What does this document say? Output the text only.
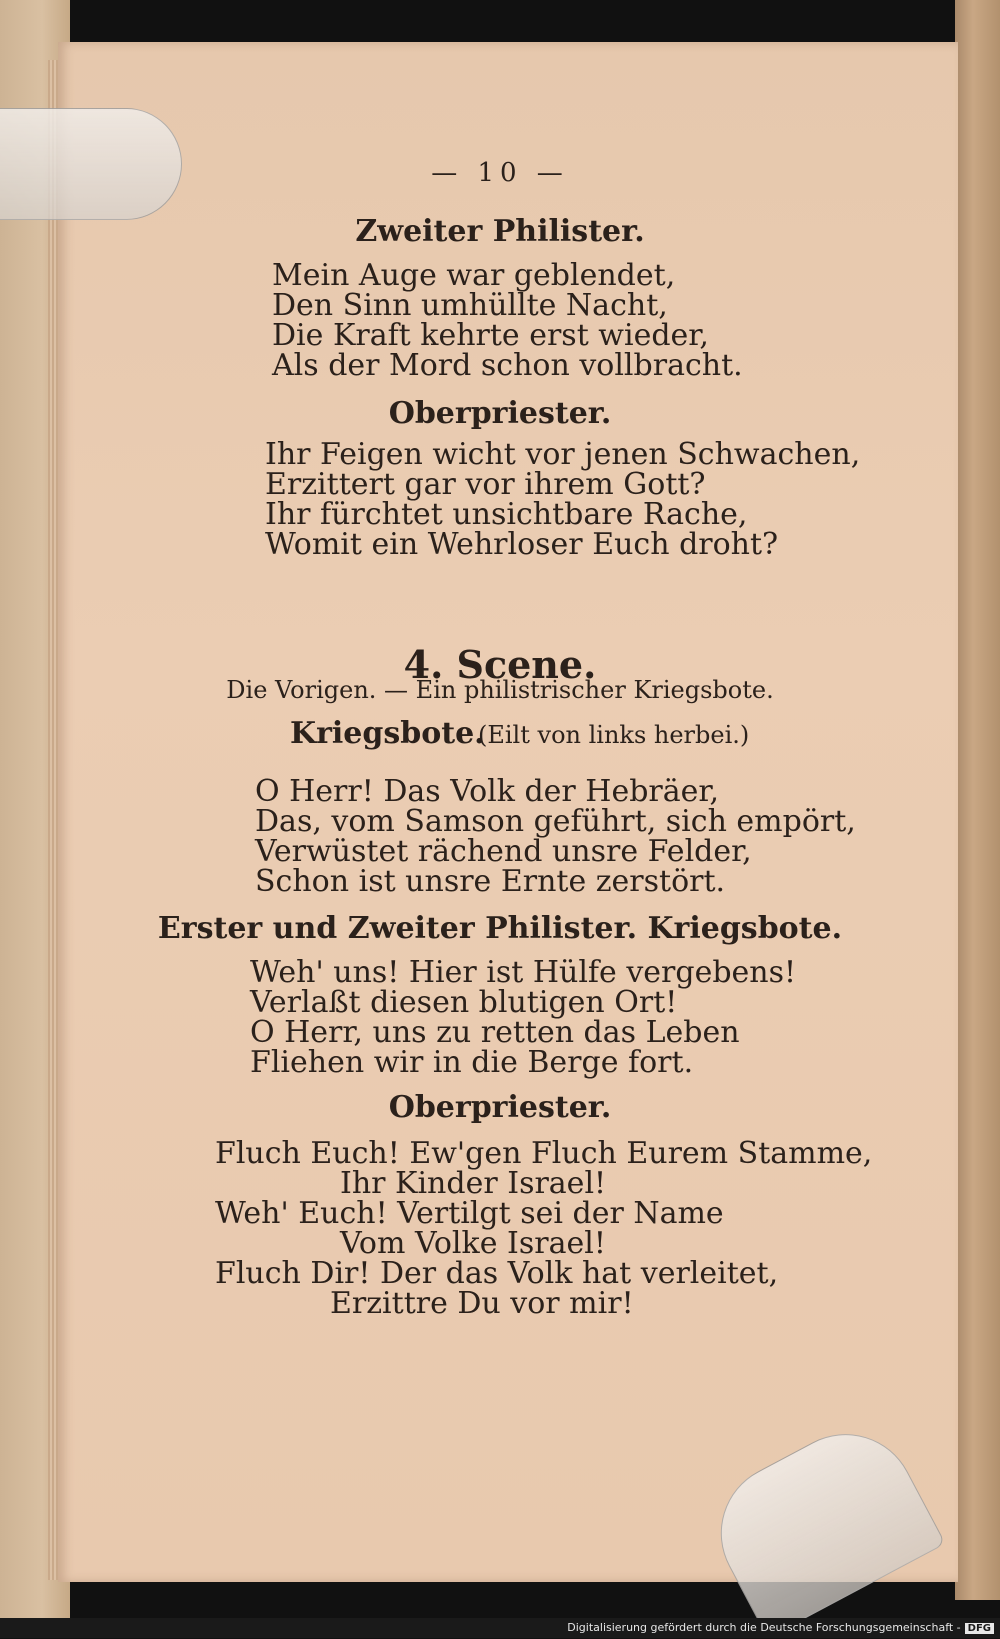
— 10 —
Zweiter Philister.
Mein Auge war geblendet,
Den Sinn umhüllte Nacht,
Die Kraft kehrte erst wieder,
Als der Mord schon vollbracht.
Oberpriester.
Ihr Feigen wicht vor jenen Schwachen,
Erzittert gar vor ihrem Gott?
Ihr fürchtet unsichtbare Rache,
Womit ein Wehrloser Euch droht?
4. Scene.
Die Vorigen. — Ein philistrischer Kriegsbote.
Kriegsbote.
(Eilt von links herbei.)
O Herr! Das Volk der Hebräer,
Das, vom Samson geführt, sich empört,
Verwüstet rächend unsre Felder,
Schon ist unsre Ernte zerstört.
Erster und Zweiter Philister. Kriegsbote.
Weh' uns! Hier ist Hülfe vergebens!
Verlaßt diesen blutigen Ort!
O Herr, uns zu retten das Leben
Fliehen wir in die Berge fort.
Oberpriester.
Fluch Euch! Ew'gen Fluch Eurem Stamme,
Ihr Kinder Israel!
Weh' Euch! Vertilgt sei der Name
Vom Volke Israel!
Fluch Dir! Der das Volk hat verleitet,
Erzittre Du vor mir!
Digitalisierung gefördert durch die Deutsche Forschungsgemeinschaft - DFG
